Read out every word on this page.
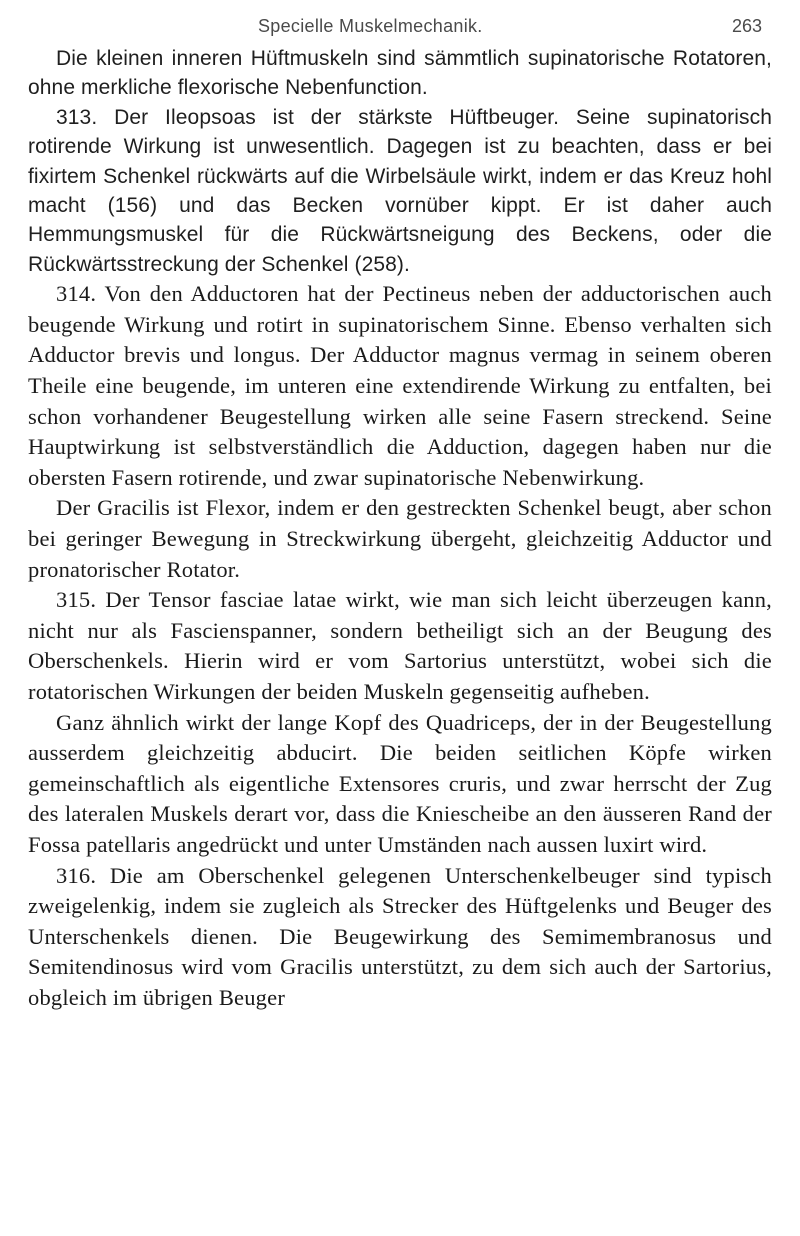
Specielle Muskelmechanik.	263

Die kleinen inneren Hüftmuskeln sind sämmtlich supinatorische Rotatoren, ohne merkliche flexorische Nebenfunction.

313. Der Ileopsoas ist der stärkste Hüftbeuger. Seine supinatorisch rotirende Wirkung ist unwesentlich. Dagegen ist zu beachten, dass er bei fixirtem Schenkel rückwärts auf die Wirbelsäule wirkt, indem er das Kreuz hohl macht (156) und das Becken vornüber kippt. Er ist daher auch Hemmungsmuskel für die Rückwärtsneigung des Beckens, oder die Rückwärtsstreckung der Schenkel (258).

314. Von den Adductoren hat der Pectineus neben der adductorischen auch beugende Wirkung und rotirt in supinatorischem Sinne. Ebenso verhalten sich Adductor brevis und longus. Der Adductor magnus vermag in seinem oberen Theile eine beugende, im unteren eine extendirende Wirkung zu entfalten, bei schon vorhandener Beugestellung wirken alle seine Fasern streckend. Seine Hauptwirkung ist selbstverständlich die Adduction, dagegen haben nur die obersten Fasern rotirende, und zwar supinatorische Nebenwirkung.

Der Gracilis ist Flexor, indem er den gestreckten Schenkel beugt, aber schon bei geringer Bewegung in Streckwirkung übergeht, gleichzeitig Adductor und pronatorischer Rotator.

315. Der Tensor fasciae latae wirkt, wie man sich leicht überzeugen kann, nicht nur als Fascienspanner, sondern betheiligt sich an der Beugung des Oberschenkels. Hierin wird er vom Sartorius unterstützt, wobei sich die rotatorischen Wirkungen der beiden Muskeln gegenseitig aufheben.

Ganz ähnlich wirkt der lange Kopf des Quadriceps, der in der Beugestellung ausserdem gleichzeitig abducirt. Die beiden seitlichen Köpfe wirken gemeinschaftlich als eigentliche Extensores cruris, und zwar herrscht der Zug des lateralen Muskels derart vor, dass die Kniescheibe an den äusseren Rand der Fossa patellaris angedrückt und unter Umständen nach aussen luxirt wird.

316. Die am Oberschenkel gelegenen Unterschenkelbeuger sind typisch zweigelenkig, indem sie zugleich als Strecker des Hüftgelenks und Beuger des Unterschenkels dienen. Die Beugewirkung des Semimembranosus und Semitendinosus wird vom Gracilis unterstützt, zu dem sich auch der Sartorius, obgleich im übrigen Beuger
